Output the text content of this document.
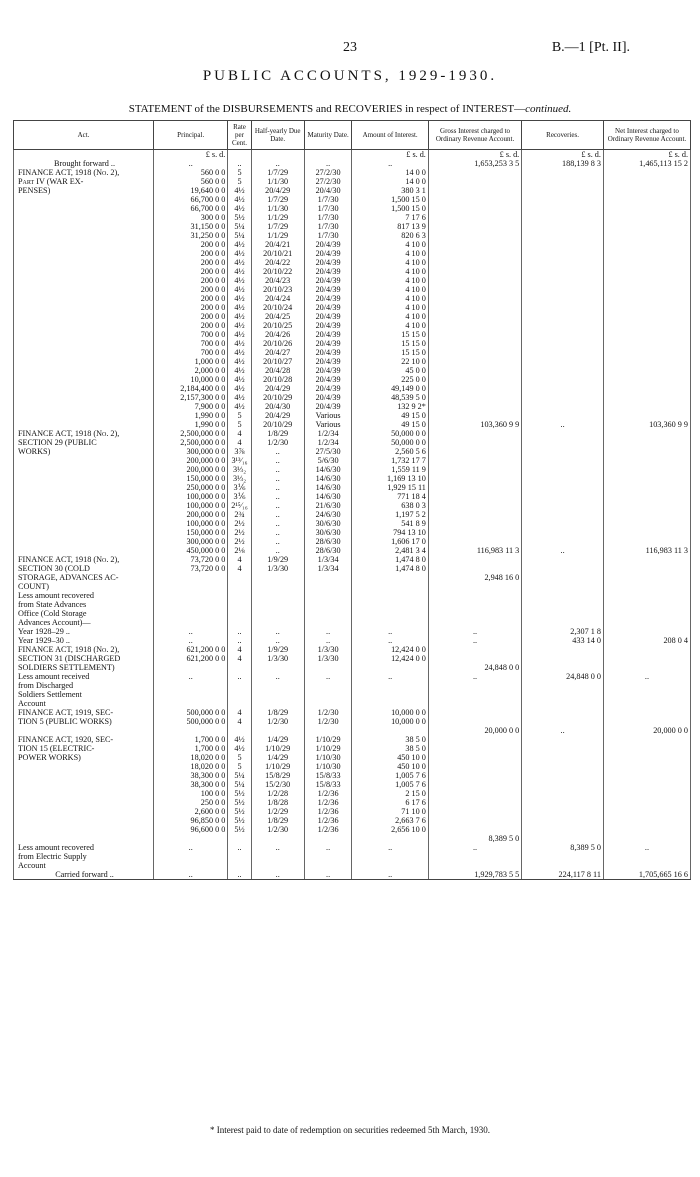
23	B.—1 [Pt. II].
PUBLIC ACCOUNTS, 1929-1930.
STATEMENT of the DISBURSEMENTS and RECOVERIES in respect of INTEREST—continued.
Act.	Principal.	Rate per Cent.	Half-yearly Due Date.	Maturity Date.	Amount of Interest.	Gross Interest charged to Ordinary Revenue Account.	Recoveries.	Net Interest charged to Ordinary Revenue Account.
	£ s. d.				£ s. d.	£ s. d.	£ s. d.	£ s. d.
Brought forward ..	..	..	..	..	..	1,653,253 3 5	188,139 8 3	1,465,113 15 2

FINANCE ACT, 1918 (No. 2),	560 0 0	5	1/7/29	27/2/30	14 0 0			
Part IV (WAR EX-	560 0 0	5	1/1/30	27/2/30	14 0 0			
PENSES)	19,640 0 0	4½	20/4/29	20/4/30	380 3 1			
	66,700 0 0	4½	1/7/29	1/7/30	1,500 15 0			
	66,700 0 0	4½	1/1/30	1/7/30	1,500 15 0			
	300 0 0	5½	1/1/29	1/7/30	7 17 6			
	31,150 0 0	5¼	1/7/29	1/7/30	817 13 9			
	31,250 0 0	5¼	1/1/29	1/7/30	820 6 3			
	200 0 0	4½	20/4/21	20/4/39	4 10 0			
	200 0 0	4½	20/10/21	20/4/39	4 10 0			
	200 0 0	4½	20/4/22	20/4/39	4 10 0			
	200 0 0	4½	20/10/22	20/4/39	4 10 0			
	200 0 0	4½	20/4/23	20/4/39	4 10 0			
	200 0 0	4½	20/10/23	20/4/39	4 10 0			
	200 0 0	4½	20/4/24	20/4/39	4 10 0			
	200 0 0	4½	20/10/24	20/4/39	4 10 0			
	200 0 0	4½	20/4/25	20/4/39	4 10 0			
	200 0 0	4½	20/10/25	20/4/39	4 10 0			
	700 0 0	4½	20/4/26	20/4/39	15 15 0			
	700 0 0	4½	20/10/26	20/4/39	15 15 0			
	700 0 0	4½	20/4/27	20/4/39	15 15 0			
	1,000 0 0	4½	20/10/27	20/4/39	22 10 0			
	2,000 0 0	4½	20/4/28	20/4/39	45 0 0			
	10,000 0 0	4½	20/10/28	20/4/39	225 0 0			
	2,184,400 0 0	4½	20/4/29	20/4/39	49,149 0 0			
	2,157,300 0 0	4½	20/10/29	20/4/39	48,539 5 0			
	7,900 0 0	4½	20/4/30	20/4/39	132 9 2*			
	1,990 0 0	5	20/4/29	Various	49 15 0			
	1,990 0 0	5	20/10/29	Various	49 15 0	103,360 9 9	..	103,360 9 9

FINANCE ACT, 1918 (No. 2),	2,500,000 0 0	4	1/8/29	1/2/34	50,000 0 0			
SECTION 29 (PUBLIC	2,500,000 0 0	4	1/2/30	1/2/34	50,000 0 0			
WORKS)	300,000 0 0	3⅞	..	27/5/30	2,560 5 6			
	200,000 0 0	3¹³⁄₁₆	..	5/6/30	1,732 17 7			
	200,000 0 0	3⅓₂	..	14/6/30	1,559 11 9			
	150,000 0 0	3⅓₂	..	14/6/30	1,169 13 10			
	250,000 0 0	3⅙	..	14/6/30	1,929 15 11			
	100,000 0 0	3⅙	..	14/6/30	771 18 4			
	100,000 0 0	2¹⁵⁄₁₆	..	21/6/30	638 0 3			
	200,000 0 0	2¾	..	24/6/30	1,197 5 2			
	100,000 0 0	2½	..	30/6/30	541 8 9			
	150,000 0 0	2½	..	30/6/30	794 13 10			
	300,000 0 0	2½	..	28/6/30	1,606 17 0			
	450,000 0 0	2⅛	..	28/6/30	2,481 3 4	116,983 11 3	..	116,983 11 3

FINANCE ACT, 1918 (No. 2),	73,720 0 0	4	1/9/29	1/3/34	1,474 8 0			
SECTION 30 (COLD	73,720 0 0	4	1/3/30	1/3/34	1,474 8 0			
STORAGE, ADVANCES AC-						2,948 16 0		
COUNT)								
Less amount recovered								
from State Advances								
Office (Cold Storage								
Advances Account)—								
Year 1928–29 ..	..	..	..	..	..	..	2,307 1 8	
Year 1929–30 ..	..	..	..	..	..	..	433 14 0	208 0 4

FINANCE ACT, 1918 (No. 2),	621,200 0 0	4	1/9/29	1/3/30	12,424 0 0			
SECTION 31 (DISCHARGED	621,200 0 0	4	1/3/30	1/3/30	12,424 0 0			
SOLDIERS SETTLEMENT)						24,848 0 0		
Less amount received	..	..	..	..	..	..	24,848 0 0	..
from Discharged								
Soldiers Settlement								
Account								

FINANCE ACT, 1919, SEC-	500,000 0 0	4	1/8/29	1/2/30	10,000 0 0			
TION 5 (PUBLIC WORKS)	500,000 0 0	4	1/2/30	1/2/30	10,000 0 0			
						20,000 0 0	..	20,000 0 0

FINANCE ACT, 1920, SEC-	1,700 0 0	4½	1/4/29	1/10/29	38 5 0			
TION 15 (ELECTRIC-	1,700 0 0	4½	1/10/29	1/10/29	38 5 0			
POWER WORKS)	18,020 0 0	5	1/4/29	1/10/30	450 10 0			
	18,020 0 0	5	1/10/29	1/10/30	450 10 0			
	38,300 0 0	5¼	15/8/29	15/8/33	1,005 7 6			
	38,300 0 0	5¼	15/2/30	15/8/33	1,005 7 6			
	100 0 0	5½	1/2/28	1/2/36	2 15 0			
	250 0 0	5½	1/8/28	1/2/36	6 17 6			
	2,600 0 0	5½	1/2/29	1/2/36	71 10 0			
	96,850 0 0	5½	1/8/29	1/2/36	2,663 7 6			
	96,600 0 0	5½	1/2/30	1/2/36	2,656 10 0			
						8,389 5 0		
Less amount recovered	..	..	..	..	..	..	8,389 5 0	..
from Electric Supply								
Account								

Carried forward ..	..	..	..	..	..	1,929,783 5 5	224,117 8 11	1,705,665 16 6
* Interest paid to date of redemption on securities redeemed 5th March, 1930.
